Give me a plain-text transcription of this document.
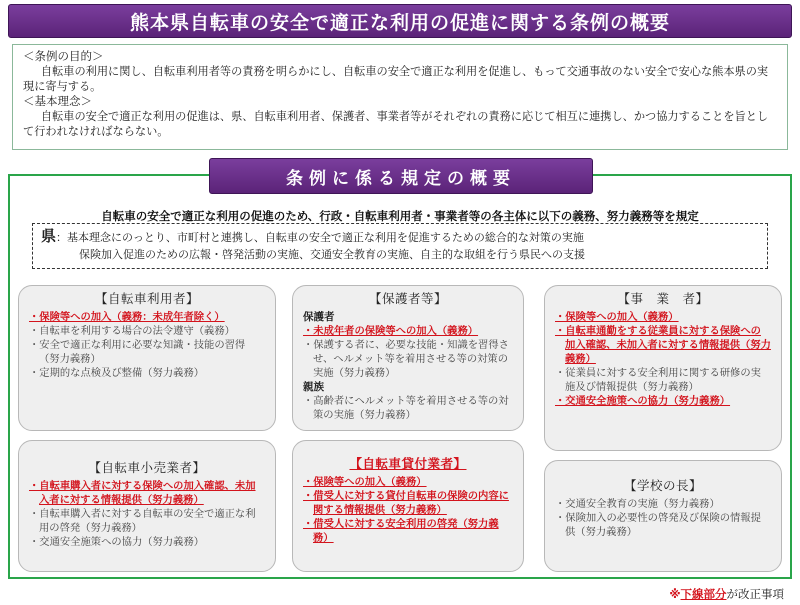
熊本県自転車の安全で適正な利用の促進に関する条例の概要
＜条例の目的＞
自転車の利用に関し、自転車利用者等の責務を明らかにし、自転車の安全で適正な利用を促進し、もって交通事故のない安全で安心な熊本県の実現に寄与する。
＜基本理念＞
自転車の安全で適正な利用の促進は、県、自転車利用者、保護者、事業者等がそれぞれの責務に応じて相互に連携し、かつ協力することを旨として行われなければならない。
条例に係る規定の概要
自転車の安全で適正な利用の促進のため、行政・自転車利用者・事業者等の各主体に以下の義務、努力義務等を規定
県：基本理念にのっとり、市町村と連携し、自転車の安全で適正な利用を促進するための総合的な対策の実施
保険加入促進のための広報・啓発活動の実施、交通安全教育の実施、自主的な取組を行う県民への支援
【自転車利用者】
・保険等への加入（義務：未成年者除く）
・自転車を利用する場合の法令遵守（義務）
・安全で適正な利用に必要な知識・技能の習得（努力義務）
・定期的な点検及び整備（努力義務）
【保護者等】
保護者
・未成年者の保険等への加入（義務）
・保護する者に、必要な技能・知識を習得させ、ヘルメット等を着用させる等の対策の実施（努力義務）
親族
・高齢者にヘルメット等を着用させる等の対策の実施（努力義務）
【事　業　者】
・保険等への加入（義務）
・自転車通勤をする従業員に対する保険への加入確認、未加入者に対する情報提供（努力義務）
・従業員に対する安全利用に関する研修の実施及び情報提供（努力義務）
・交通安全施策への協力（努力義務）
【自転車小売業者】
・自転車購入者に対する保険への加入確認、未加入者に対する情報提供（努力義務）
・自転車購入者に対する自転車の安全で適正な利用の啓発（努力義務）
・交通安全施策への協力（努力義務）
【自転車貸付業者】
・保険等への加入（義務）
・借受人に対する貸付自転車の保険の内容に関する情報提供（努力義務）
・借受人に対する安全利用の啓発（努力義務）
【学校の長】
・交通安全教育の実施（努力義務）
・保険加入の必要性の啓発及び保険の情報提供（努力義務）
※下線部分が改正事項
